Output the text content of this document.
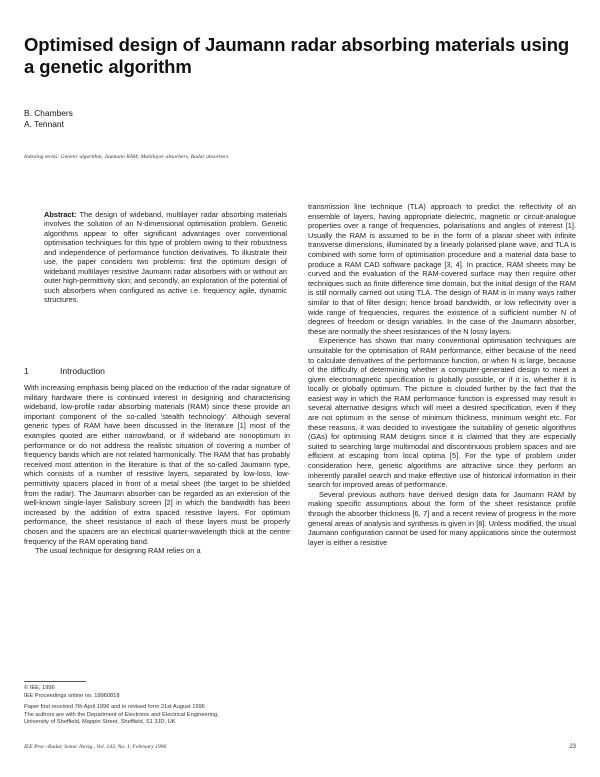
Optimised design of Jaumann radar absorbing materials using a genetic algorithm
B. Chambers
A. Tennant
Indexing terms: Genetic algorithm, Jaumann RAM, Multilayer absorbers, Radar absorbers
Abstract: The design of wideband, multilayer radar absorbing materials involves the solution of an N-dimensional optimisation problem. Genetic algorithms appear to offer significant advantages over conventional optimisation techniques for this type of problem owing to their robustness and independence of performance function derivatives. To illustrate their use, the paper considers two problems: first the optimum design of wideband multilayer resistive Jaumann radar absorbers with or without an outer high-permittivity skin; and secondly, an exploration of the potential of such absorbers when configured as active i.e. frequency agile, dynamic structures.
1	Introduction

With increasing emphasis being placed on the reduction of the radar signature of military hardware there is continued interest in designing and characterising wideband, low-profile radar absorbing materials (RAM) since these provide an important component of the so-called 'stealth technology'. Although several generic types of RAM have been discussed in the literature [1] most of the examples quoted are either narrowband, or if wideband are nonoptimum in performance or do not address the realistic situation of covering a number of frequency bands which are not related harmonically. The RAM that has probably received most attention in the literature is that of the so-called Jaumann type, which consists of a number of resistive layers, separated by low-loss, low-permittivity spacers placed in front of a metal sheet (the target to be shielded from the radar). The Jaumann absorber can be regarded as an extension of the well-known single-layer Salisbury screen [2] in which the bandwidth has been increased by the addition of extra spaced resistive layers. For optimum performance, the sheet resistance of each of these layers must be properly chosen and the spacers are an electrical quarter-wavelength thick at the centre frequency of the RAM operating band.

The usual technique for designing RAM relies on a

© IEE, 1996
IEE Proceedings online no. 19960818
Paper first received 7th April 1996 and in revised form 21st August 1996
The authors are with the Department of Electronic and Electrical Engineering,
University of Sheffield, Mappin Street, Sheffield, S1 3JD, UK

transmission line technique (TLA) approach to predict the reflectivity of an ensemble of layers, having appropriate dielectric, magnetic or circuit-analogue properties over a range of frequencies, polarisations and angles of interest [1]. Usually the RAM is assumed to be in the form of a planar sheet with infinite transverse dimensions, illuminated by a linearly polarised plane wave, and TLA is combined with some form of optimisation procedure and a material data base to produce a RAM CAD software package [3, 4]. In practice, RAM sheets may be curved and the evaluation of the RAM-covered surface may then require other techniques such as finite difference time domain, but the initial design of the RAM is still normally carried out using TLA. The design of RAM is in many ways rather similar to that of filter design; hence broad bandwidth, or low reflectivity over a wide range of frequencies, requires the existence of a sufficient number N of degrees of freedom or design variables. In the case of the Jaumann absorber, these are normally the sheet resistances of the N lossy layers.

Experience has shown that many conventional optimisation techniques are unsuitable for the optimisation of RAM performance, either because of the need to calculate derivatives of the performance function, or when N is large, because of the difficulty of determining whether a computer-generated design to meet a given electromagnetic specification is globally possible, or if it is, whether it is locally or globally optimum. The picture is clouded further by the fact that the easiest way in which the RAM performance function is expressed may result in several alternative designs which will meet a desired specification, even if they are not optimum in the sense of minimum thickness, minimum weight etc. For these reasons, it was decided to investigate the suitability of genetic algorithms (GAs) for optimising RAM designs since it is claimed that they are especially suited to searching large multimodal and discontinuous problem spaces and are efficient at escaping from local optima [5]. For the type of problem under consideration here, genetic algorithms are attractive since they perform an inherently parallel search and make effective use of historical information in their search for improved areas of performance.

Several previous authors have derived design data for Jaumann RAM by making specific assumptions about the form of the sheet resistance profile through the absorber thickness [6, 7] and a recent review of progress in the more general areas of analysis and synthesis is given in [8]. Unless modified, the usual Jaumann configuration cannot be used for many applications since the outermost layer is either a resistive

IEE Proc.-Radar, Sonar Navig., Vol. 143, No. 1, February 1996	23
